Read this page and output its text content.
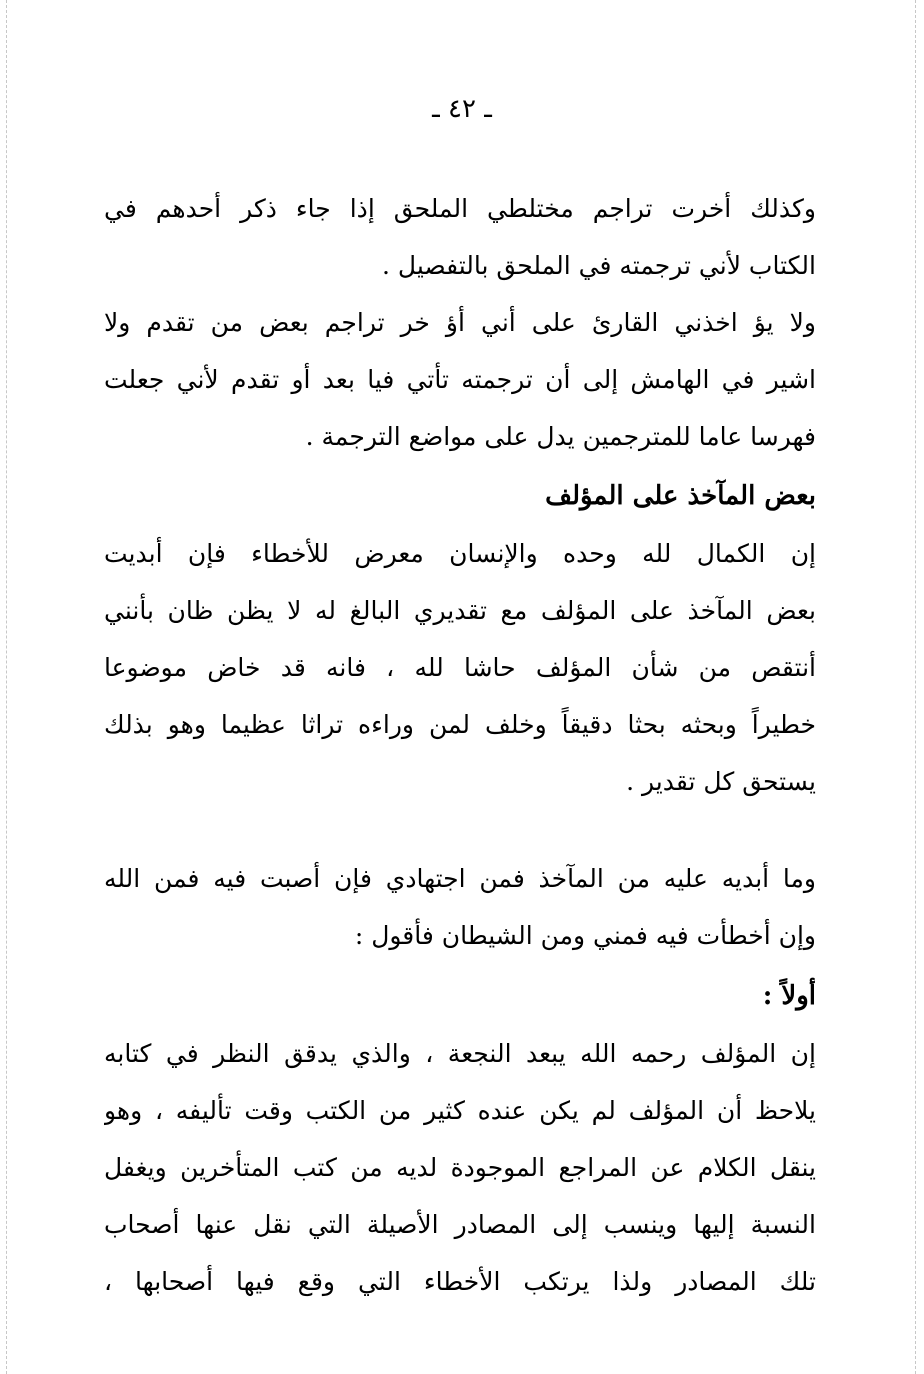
ـ ٤٢ ـ

وكذلك أخرت تراجم مختلطي الملحق إذا جاء ذكر أحدهم في
الكتاب لأني ترجمته في الملحق بالتفصيل .

ولا يؤ اخذني القارئ على أني أؤ خر تراجم بعض من تقدم ولا
اشير في الهامش إلى أن ترجمته تأتي فيا بعد أو تقدم لأني جعلت
فهرسا عاما للمترجمين يدل على مواضع الترجمة .

بعض المآخذ على المؤلف

إن الكمال لله وحده والإنسان معرض للأخطاء فإن أبديت
بعض المآخذ على المؤلف مع تقديري البالغ له لا يظن ظان بأنني
أنتقص من شأن المؤلف حاشا لله ، فانه قد خاض موضوعا
خطيراً وبحثه بحثا دقيقاً وخلف لمن وراءه تراثا عظيما وهو بذلك
يستحق كل تقدير .

وما أبديه عليه من المآخذ فمن اجتهادي فإن أصبت فيه فمن الله
وإن أخطأت فيه فمني ومن الشيطان فأقول :

أولاً :

إن المؤلف رحمه الله يبعد النجعة ، والذي يدقق النظر في كتابه
يلاحظ أن المؤلف لم يكن عنده كثير من الكتب وقت تأليفه ، وهو
ينقل الكلام عن المراجع الموجودة لديه من كتب المتأخرين ويغفل
النسبة إليها وينسب إلى المصادر الأصيلة التي نقل عنها أصحاب
تلك المصادر ولذا يرتكب الأخطاء التي وقع فيها أصحابها ،
